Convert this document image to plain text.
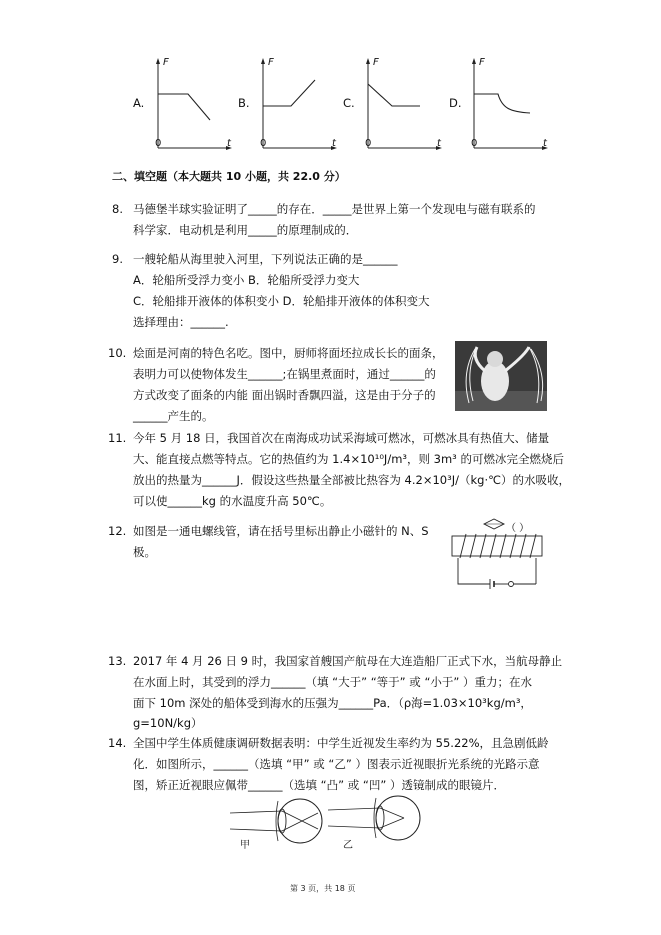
A.
F
t
0
B.
F
t
0
C.
F
t
0
D.
F
t
0
二、填空题（本大题共 10 小题，共 22.0 分）
8. 马德堡半球实验证明了_____的存在．_____是世界上第一个发现电与磁有联系的
科学家．电动机是利用_____的原理制成的．
9. 一艘轮船从海里驶入河里，下列说法正确的是______
A．轮船所受浮力变小 B．轮船所受浮力变大
C．轮船排开液体的体积变小 D．轮船排开液体的体积变大
选择理由：______.
10. 烩面是河南的特色名吃。图中，厨师将面坯拉成长长的面条，
表明力可以使物体发生______;在锅里煮面时，通过______的
方式改变了面条的内能 面出锅时香飘四溢，这是由于分子的
______产生的。
11. 今年 5 月 18 日，我国首次在南海成功试采海域可燃冰，可燃冰具有热值大、储量
大、能直接点燃等特点。它的热值约为 1.4×10¹⁰J/m³，则 3m³ 的可燃冰完全燃烧后
放出的热量为______J．假设这些热量全部被比热容为 4.2×10³J/（kg·℃）的水吸收，
可以使______kg 的水温度升高 50℃。
12. 如图是一通电螺线管，请在括号里标出静止小磁针的 N、S
极。
（ ）
13. 2017 年 4 月 26 日 9 时，我国家首艘国产航母在大连造船厂正式下水，当航母静止
在水面上时，其受到的浮力______（填 “大于” “等于” 或 “小于” ）重力；在水
面下 10m 深处的船体受到海水的压强为______Pa．（ρ海=1.03×10³kg/m³，
g=10N/kg）
14. 全国中学生体质健康调研数据表明：中学生近视发生率约为 55.22%，且急剧低龄
化．如图所示，______（选填 “甲” 或 “乙” ）图表示近视眼折光系统的光路示意
图，矫正近视眼应佩带______（选填 “凸” 或 “凹” ）透镜制成的眼镜片．
甲	乙
第 3 页，共 18 页
